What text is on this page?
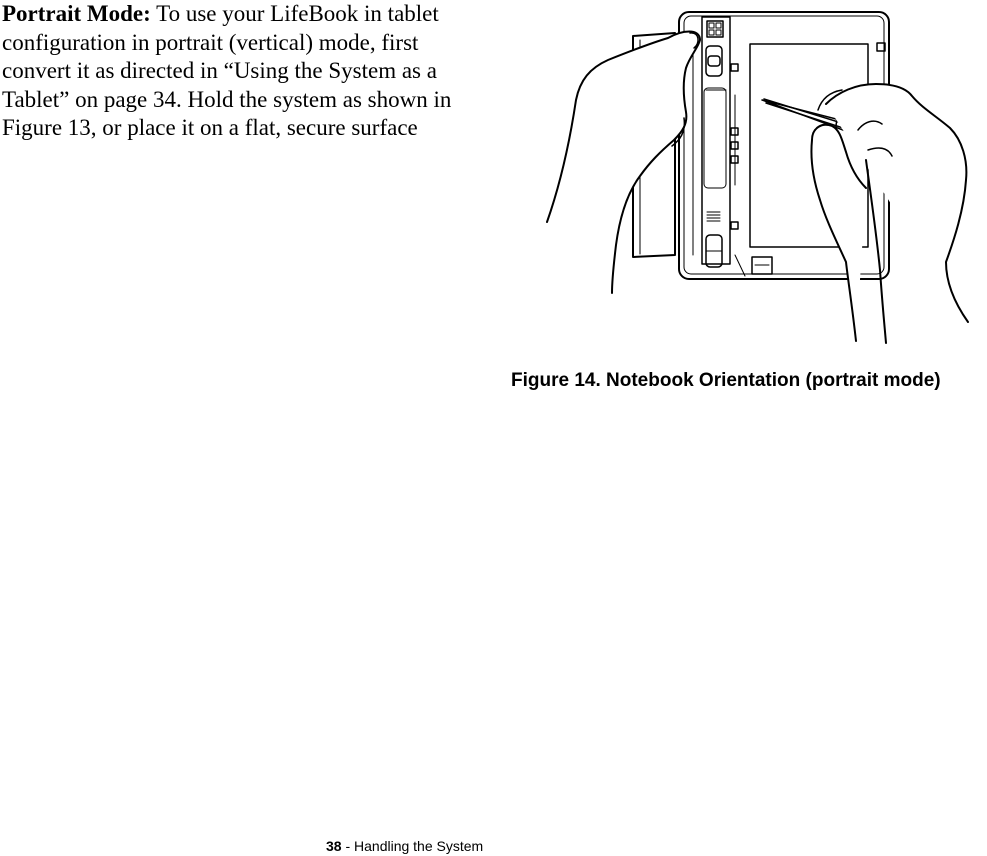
Portrait Mode: To use your LifeBook in tablet configuration in portrait (vertical) mode, first convert it as directed in “Using the System as a Tablet” on page 34. Hold the system as shown in Figure 13, or place it on a flat, secure surface

Figure 14. Notebook Orientation (portrait mode)
38 - Handling the System
